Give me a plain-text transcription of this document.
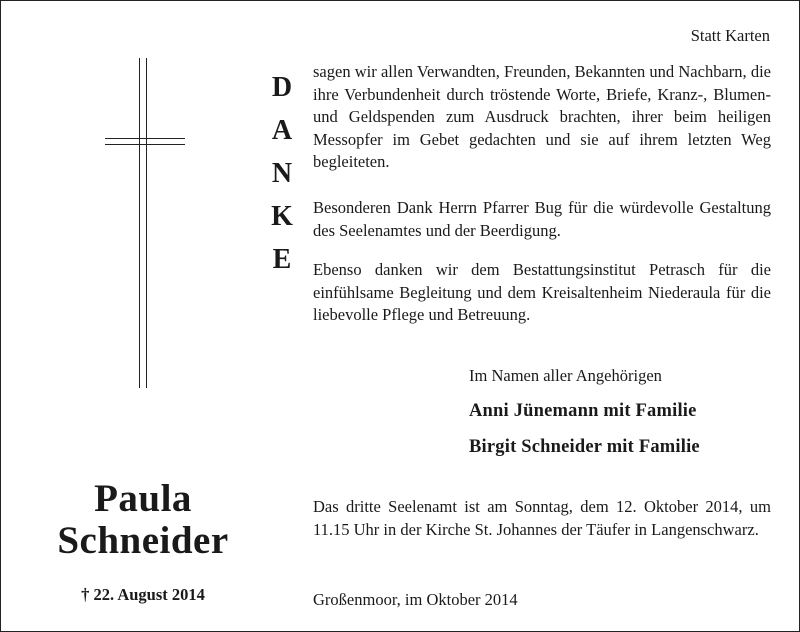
Statt Karten
D
A
N
K
E

sagen wir allen Verwandten, Freunden, Bekannten und Nachbarn, die ihre Verbundenheit durch tröstende Worte, Briefe, Kranz-, Blumen- und Geldspenden zum Ausdruck brachten, ihrer beim heiligen Messopfer im Gebet gedachten und sie auf ihrem letzten Weg begleiteten.

Besonderen Dank Herrn Pfarrer Bug für die würdevolle Gestaltung des Seelenamtes und der Beerdigung.

Ebenso danken wir dem Bestattungsinstitut Petrasch für die einfühlsame Begleitung und dem Kreisaltenheim Niederaula für die liebevolle Pflege und Betreuung.

Im Namen aller Angehörigen
Anni Jünemann mit Familie
Birgit Schneider mit Familie
Paula
Schneider
† 22. August 2014

Das dritte Seelenamt ist am Sonntag, dem 12. Oktober 2014, um 11.15 Uhr in der Kirche St. Johannes der Täufer in Langenschwarz.

Großenmoor, im Oktober 2014
